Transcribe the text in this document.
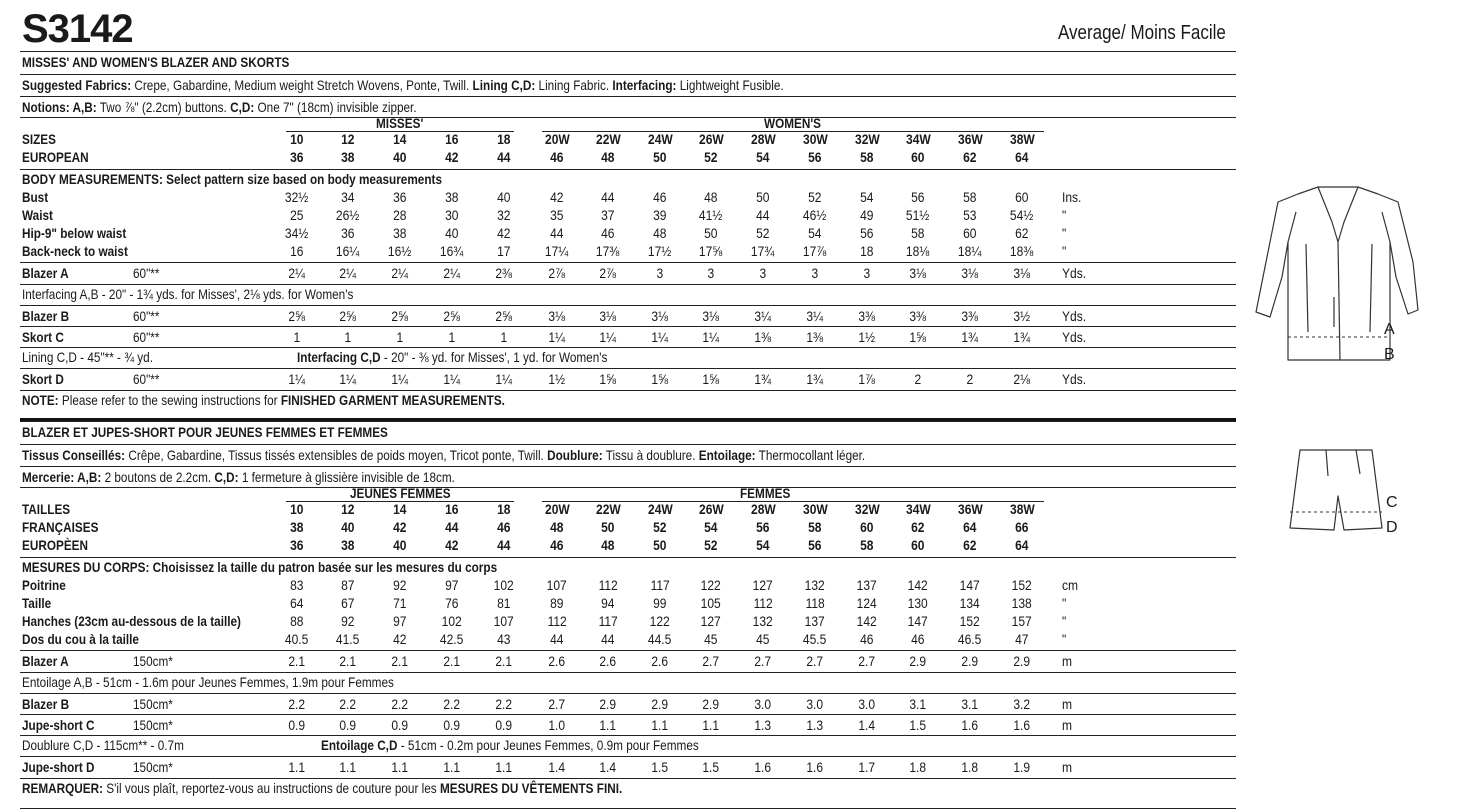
S3142	Average/ Moins Facile
MISSES' AND WOMEN'S BLAZER AND SKORTS
Suggested Fabrics: Crepe, Gabardine, Medium weight Stretch Wovens, Ponte, Twill. Lining C,D: Lining Fabric. Interfacing: Lightweight Fusible.
Notions: A,B: Two ⅞" (2.2cm) buttons. C,D: One 7" (18cm) invisible zipper.
MISSES'	WOMEN'S
SIZES	10	12	14	16	18	20W	22W	24W	26W	28W	30W	32W	34W	36W	38W
EUROPEAN	36	38	40	42	44	46	48	50	52	54	56	58	60	62	64
BODY MEASUREMENTS: Select pattern size based on body measurements
Bust	32½	34	36	38	40	42	44	46	48	50	52	54	56	58	60	Ins.
Waist	25	26½	28	30	32	35	37	39	41½	44	46½	49	51½	53	54½	"
Hip-9" below waist	34½	36	38	40	42	44	46	48	50	52	54	56	58	60	62	"
Back-neck to waist	16	16¼	16½	16¾	17	17¼	17⅜	17½	17⅝	17¾	17⅞	18	18⅛	18¼	18⅜	"
Blazer A	60"**	2¼	2¼	2¼	2¼	2⅜	2⅞	2⅞	3	3	3	3	3	3⅛	3⅛	3⅛	Yds.
Interfacing A,B - 20" - 1¾ yds. for Misses', 2⅛ yds. for Women's
Blazer B	60"**	2⅝	2⅝	2⅝	2⅝	2⅝	3⅛	3⅛	3⅛	3⅛	3¼	3¼	3⅜	3⅜	3⅜	3½	Yds.
Skort C	60"**	1	1	1	1	1	1¼	1¼	1¼	1¼	1⅜	1⅜	1½	1⅝	1¾	1¾	Yds.
Lining C,D - 45"** - ¾ yd.	Interfacing C,D - 20" - ⅜ yd. for Misses', 1 yd. for Women's
Skort D	60"**	1¼	1¼	1¼	1¼	1¼	1½	1⅝	1⅝	1⅝	1¾	1¾	1⅞	2	2	2⅛	Yds.
NOTE: Please refer to the sewing instructions for FINISHED GARMENT MEASUREMENTS.
BLAZER ET JUPES-SHORT POUR JEUNES FEMMES ET FEMMES
Tissus Conseillés: Crêpe, Gabardine, Tissus tissés extensibles de poids moyen, Tricot ponte, Twill. Doublure: Tissu à doublure. Entoilage: Thermocollant léger.
Mercerie: A,B: 2 boutons de 2.2cm. C,D: 1 fermeture à glissière invisible de 18cm.
JEUNES FEMMES	FEMMES
TAILLES	10	12	14	16	18	20W	22W	24W	26W	28W	30W	32W	34W	36W	38W
FRANÇAISES	38	40	42	44	46	48	50	52	54	56	58	60	62	64	66
EUROPÈEN	36	38	40	42	44	46	48	50	52	54	56	58	60	62	64
MESURES DU CORPS: Choisissez la taille du patron basée sur les mesures du corps
Poitrine	83	87	92	97	102	107	112	117	122	127	132	137	142	147	152	cm
Taille	64	67	71	76	81	89	94	99	105	112	118	124	130	134	138	"
Hanches (23cm au-dessous de la taille)	88	92	97	102	107	112	117	122	127	132	137	142	147	152	157	"
Dos du cou à la taille	40.5	41.5	42	42.5	43	44	44	44.5	45	45	45.5	46	46	46.5	47	"
Blazer A	150cm*	2.1	2.1	2.1	2.1	2.1	2.6	2.6	2.6	2.7	2.7	2.7	2.7	2.9	2.9	2.9	m
Entoilage A,B - 51cm - 1.6m pour Jeunes Femmes, 1.9m pour Femmes
Blazer B	150cm*	2.2	2.2	2.2	2.2	2.2	2.7	2.9	2.9	2.9	3.0	3.0	3.0	3.1	3.1	3.2	m
Jupe-short C	150cm*	0.9	0.9	0.9	0.9	0.9	1.0	1.1	1.1	1.1	1.3	1.3	1.4	1.5	1.6	1.6	m
Doublure C,D - 115cm** - 0.7m	Entoilage C,D - 51cm - 0.2m pour Jeunes Femmes, 0.9m pour Femmes
Jupe-short D	150cm*	1.1	1.1	1.1	1.1	1.1	1.4	1.4	1.5	1.5	1.6	1.6	1.7	1.8	1.8	1.9	m
REMARQUER: S'il vous plaît, reportez-vous au instructions de couture pour les MESURES DU VÊTEMENTS FINI.
A
B
C
D
